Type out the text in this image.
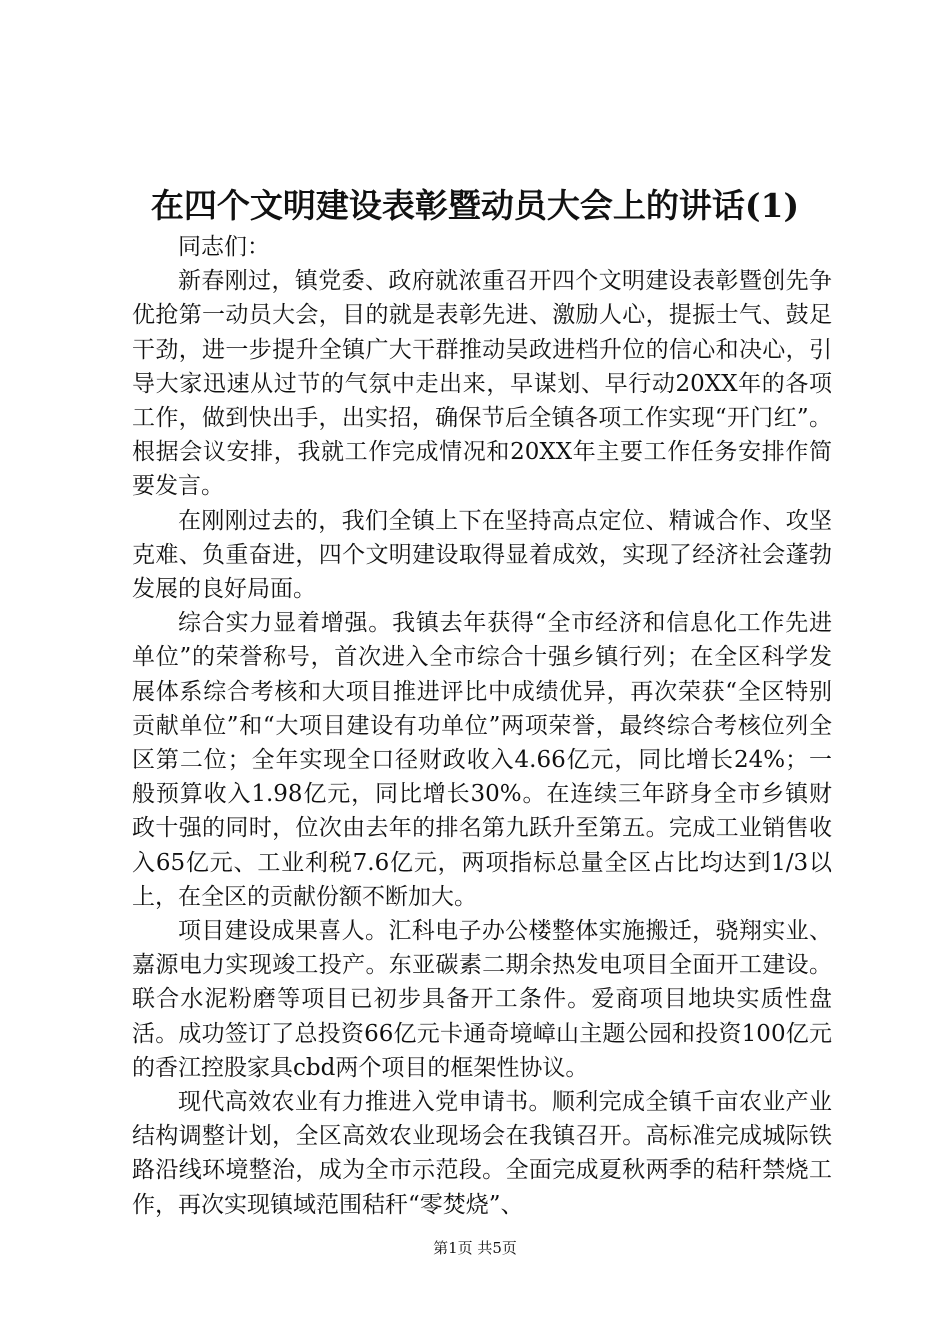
在四个文明建设表彰暨动员大会上的讲话(1)

同志们：

新春刚过，镇党委、政府就浓重召开四个文明建设表彰暨创先争优抢第一动员大会，目的就是表彰先进、激励人心，提振士气、鼓足干劲，进一步提升全镇广大干群推动吴政进档升位的信心和决心，引导大家迅速从过节的气氛中走出来，早谋划、早行动20XX年的各项工作，做到快出手，出实招，确保节后全镇各项工作实现“开门红”。根据会议安排，我就工作完成情况和20XX年主要工作任务安排作简要发言。

在刚刚过去的，我们全镇上下在坚持高点定位、精诚合作、攻坚克难、负重奋进，四个文明建设取得显着成效，实现了经济社会蓬勃发展的良好局面。

综合实力显着增强。我镇去年获得“全市经济和信息化工作先进单位”的荣誉称号，首次进入全市综合十强乡镇行列；在全区科学发展体系综合考核和大项目推进评比中成绩优异，再次荣获“全区特别贡献单位”和“大项目建设有功单位”两项荣誉，最终综合考核位列全区第二位；全年实现全口径财政收入4.66亿元，同比增长24%；一般预算收入1.98亿元，同比增长30%。在连续三年跻身全市乡镇财政十强的同时，位次由去年的排名第九跃升至第五。完成工业销售收入65亿元、工业利税7.6亿元，两项指标总量全区占比均达到1/3以上，在全区的贡献份额不断加大。

项目建设成果喜人。汇科电子办公楼整体实施搬迁，骁翔实业、嘉源电力实现竣工投产。东亚碳素二期余热发电项目全面开工建设。联合水泥粉磨等项目已初步具备开工条件。爱商项目地块实质性盘活。成功签订了总投资66亿元卡通奇境嶂山主题公园和投资100亿元的香江控股家具cbd两个项目的框架性协议。

现代高效农业有力推进入党申请书。顺利完成全镇千亩农业产业结构调整计划，全区高效农业现场会在我镇召开。高标准完成城际铁路沿线环境整治，成为全市示范段。全面完成夏秋两季的秸秆禁烧工作，再次实现镇域范围秸秆“零焚烧”、

第1页 共5页
